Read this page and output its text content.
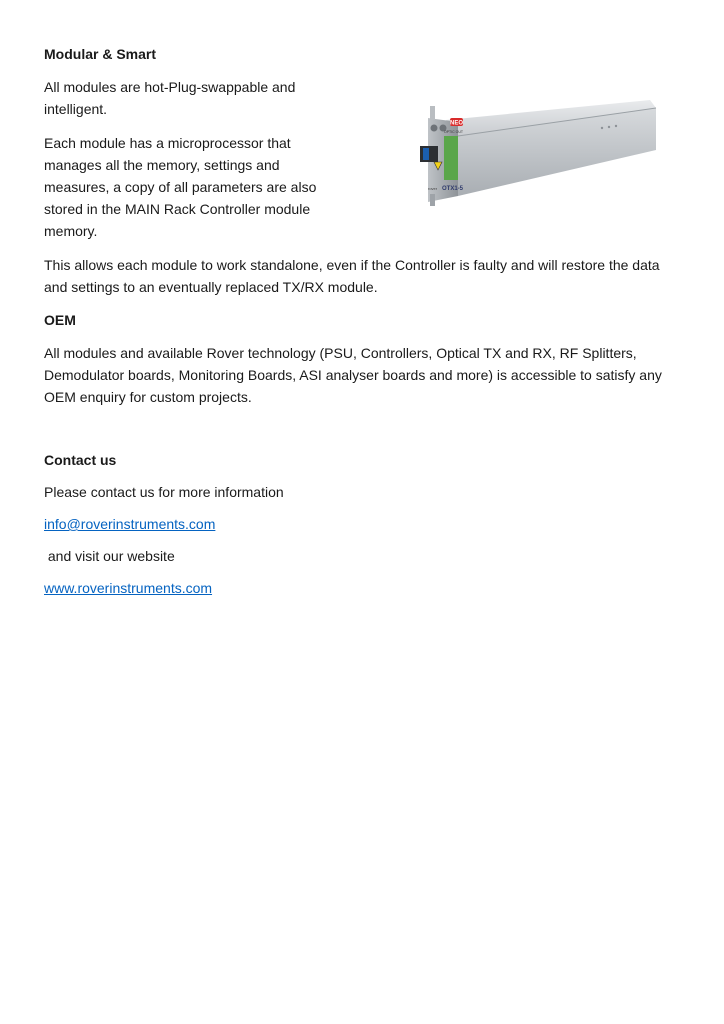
Modular & Smart

All modules are hot-Plug-swappable and intelligent.

Each module has a microprocessor that manages all the memory, settings and measures, a copy of all parameters are also stored in the MAIN Rack Controller module memory.

This allows each module to work standalone, even if the Controller is faulty and will restore the data and settings to an eventually replaced TX/RX module.

OEM

All modules and available Rover technology (PSU, Controllers, Optical TX and RX, RF Splitters, Demodulator boards, Monitoring Boards, ASI analyser boards and more) is accessible to satisfy any OEM enquiry for custom projects.

Contact us

Please contact us for more information

info@roverinstruments.com

and visit our website

www.roverinstruments.com

NEO
OPTIC OUT
OTX1-5
rover
